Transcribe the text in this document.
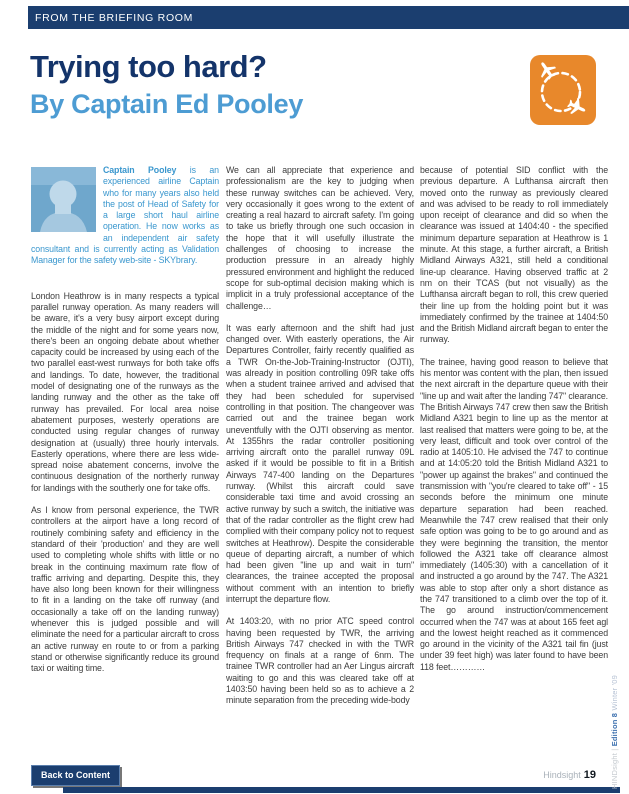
FROM THE BRIEFING ROOM
Trying too hard?
By Captain Ed Pooley
Captain Pooley is an experienced airline Captain who for many years also held the post of Head of Safety for a large short haul airline operation. He now works as an independent air safety consultant and is currently acting as Validation Manager for the safety web-site - SKYbrary.

London Heathrow is in many respects a typical parallel runway operation. As many readers will be aware, it's a very busy airport except during the middle of the night and for some years now, there's been an ongoing debate about whether capacity could be increased by using each of the two parallel east-west runways for both take offs and landings. To date, however, the traditional model of designating one of the runways as the landing runway and the other as the take off runway has prevailed. For local area noise abatement purposes, westerly operations are conducted using regular changes of runway designation at (usually) three hourly intervals. Easterly operations, where there are less wide-spread noise abatement concerns, involve the continuous designation of the northerly runway for landings with the southerly one for take offs.

As I know from personal experience, the TWR controllers at the airport have a long record of routinely combining safety and efficiency in the standard of their 'production' and they are well used to completing whole shifts with little or no break in the continuing maximum rate flow of traffic arriving and departing. Despite this, they have also long been known for their willingness to fit in a landing on the take off runway (and occasionally a take off on the landing runway) whenever this is judged possible and will eliminate the need for a particular aircraft to cross an active runway en route to or from a parking stand or otherwise significantly reduce its ground taxi or waiting time.

We can all appreciate that experience and professionalism are the key to judging when these runway switches can be achieved. Very, very occasionally it goes wrong to the extent of creating a real hazard to aircraft safety. I'm going to take us briefly through one such occasion in the hope that it will usefully illustrate the challenges of choosing to increase the production pressure in an already highly pressured environment and highlight the reduced scope for sub-optimal decision making which is implicit in a truly professional acceptance of the challenge…

It was early afternoon and the shift had just changed over. With easterly operations, the Air Departures Controller, fairly recently qualified as a TWR On-the-Job-Training-Instructor (OJTI), was already in position controlling 09R take offs when a student trainee arrived and advised that they had been scheduled for supervised controlling in that position. The changeover was carried out and the trainee began work uneventfully with the OJTI observing as mentor. At 1355hrs the radar controller positioning arriving aircraft onto the parallel runway 09L asked if it would be possible to fit in a British Airways 747-400 landing on the Departures runway. (Whilst this aircraft could save considerable taxi time and avoid crossing an active runway by such a switch, the initiative was that of the radar controller as the flight crew had complied with their company policy not to request switches at Heathrow). Despite the considerable queue of departing aircraft, a number of which had been given "line up and wait in turn" clearances, the trainee accepted the proposal without comment with an intention to briefly interrupt the departure flow.

At 1403:20, with no prior ATC speed control having been requested by TWR, the arriving British Airways 747 checked in with the TWR frequency on finals at a range of 6nm. The trainee TWR controller had an Aer Lingus aircraft waiting to go and this was cleared take off at 1403:50 having been held so as to achieve a 2 minute separation from the preceding wide-body

because of potential SID conflict with the previous departure. A Lufthansa aircraft then moved onto the runway as previously cleared and was advised to be ready to roll immediately upon receipt of clearance and did so when the clearance was issued at 1404:40 - the specified minimum departure separation at Heathrow is 1 minute. At this stage, a further aircraft, a British Midland Airways A321, still held a conditional line-up clearance. Having observed traffic at 2 nm on their TCAS (but not visually) as the Lufthansa aircraft began to roll, this crew queried their line up from the holding point but it was immediately confirmed by the trainee at 1404:50 and the British Midland aircraft began to enter the runway.

The trainee, having good reason to believe that his mentor was content with the plan, then issued the next aircraft in the departure queue with their "line up and wait after the landing 747" clearance. The British Airways 747 crew then saw the British Midland A321 begin to line up as the mentor at last realised that matters were going to be, at the very least, difficult and took over control of the radio at 1405:10. He advised the 747 to continue and at 14:05:20 told the British Midland A321 to "power up against the brakes" and continued the transmission with "you're cleared to take off" - 15 seconds before the minimum one minute departure separation had been reached. Meanwhile the 747 crew realised that their only safe option was going to be to go around and as they were beginning the transition, the mentor followed the A321 take off clearance almost immediately (1405:30) with a cancellation of it and instructed a go around by the 747. The A321 was able to stop after only a short distance as the 747 transitioned to a climb over the top of it. The go around instruction/commencement occurred when the 747 was at about 165 feet agl and the lowest height reached as it commenced go around in the vicinity of the A321 tail fin (just under 39 feet high) was later found to have been 118 feet…………

Back to Content	Hindsight 19 HINDsight | Edition 8 Winter '09
